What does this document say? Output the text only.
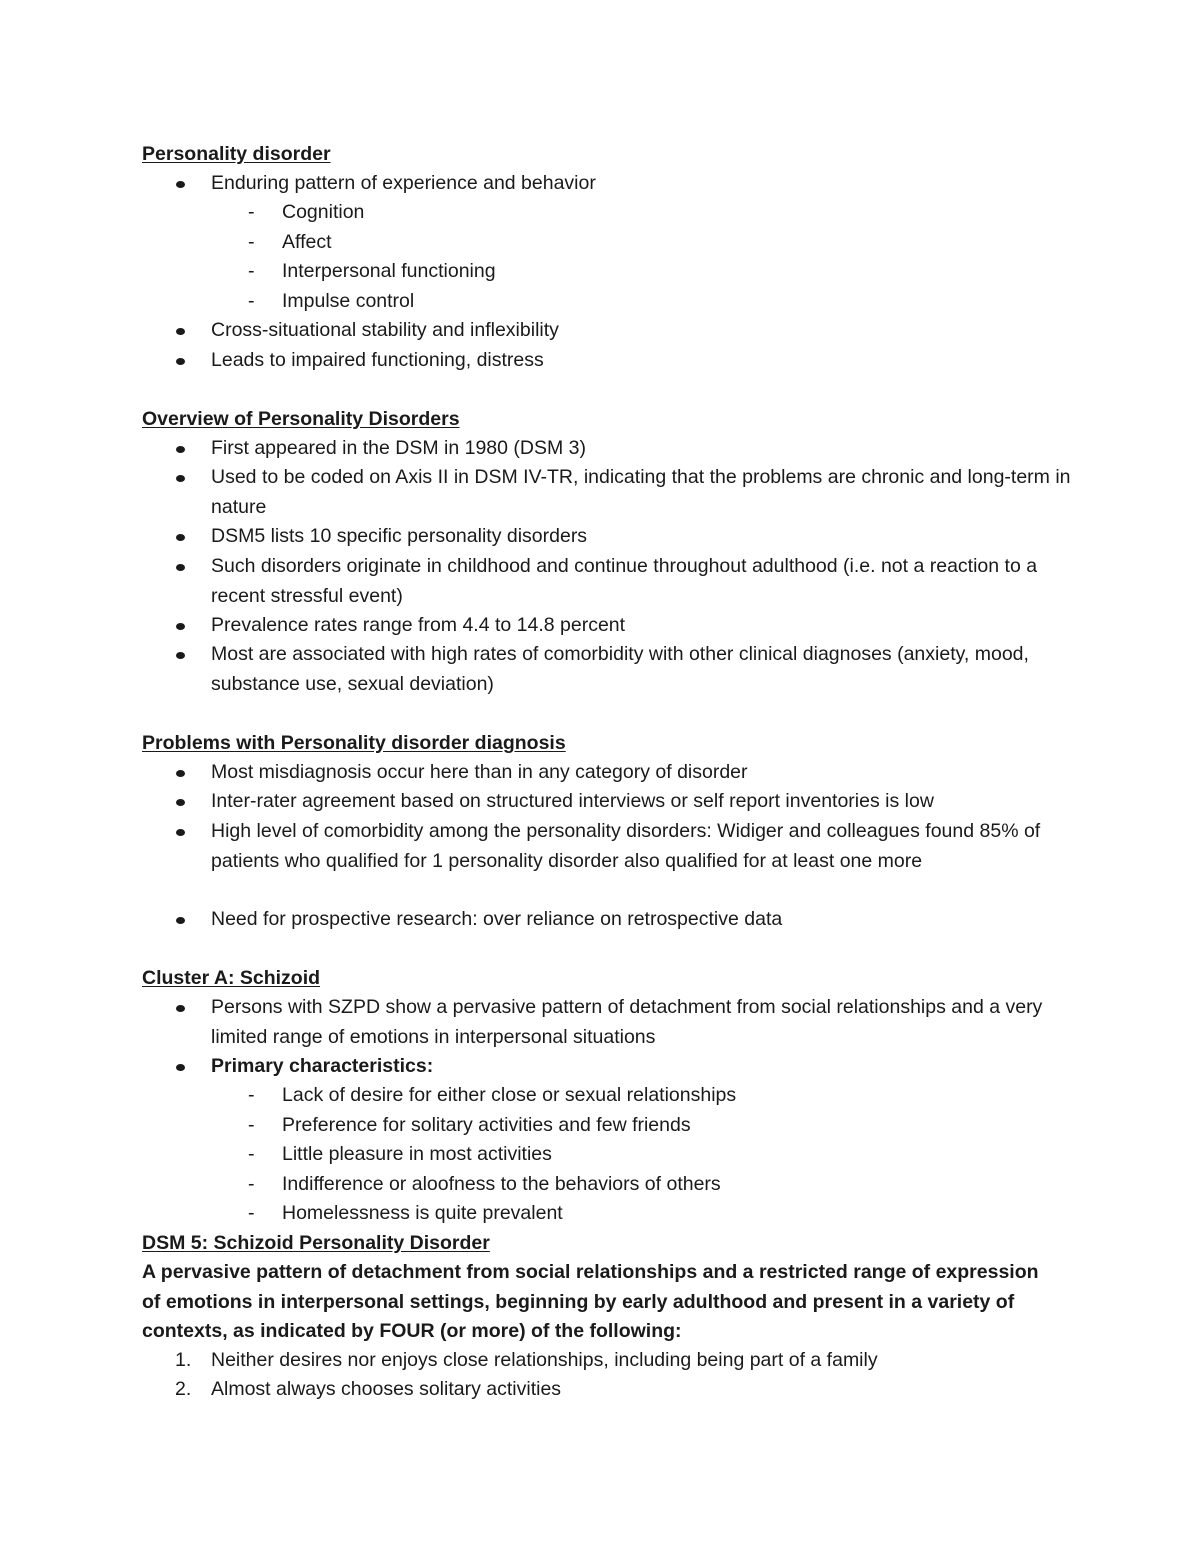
Personality disorder
Enduring pattern of experience and behavior
- Cognition
- Affect
- Interpersonal functioning
- Impulse control
Cross-situational stability and inflexibility
Leads to impaired functioning, distress
Overview of Personality Disorders
First appeared in the DSM in 1980 (DSM 3)
Used to be coded on Axis II in DSM IV-TR, indicating that the problems are chronic and long-term in nature
DSM5 lists 10 specific personality disorders
Such disorders originate in childhood and continue throughout adulthood (i.e. not a reaction to a recent stressful event)
Prevalence rates range from 4.4 to 14.8 percent
Most are associated with high rates of comorbidity with other clinical diagnoses (anxiety, mood, substance use, sexual deviation)
Problems with Personality disorder diagnosis
Most misdiagnosis occur here than in any category of disorder
Inter-rater agreement based on structured interviews or self report inventories is low
High level of comorbidity among the personality disorders: Widiger and colleagues found 85% of patients who qualified for 1 personality disorder also qualified for at least one more
Need for prospective research: over reliance on retrospective data
Cluster A: Schizoid
Persons with SZPD show a pervasive pattern of detachment from social relationships and a very limited range of emotions in interpersonal situations
Primary characteristics:
- Lack of desire for either close or sexual relationships
- Preference for solitary activities and few friends
- Little pleasure in most activities
- Indifference or aloofness to the behaviors of others
- Homelessness is quite prevalent
DSM 5: Schizoid Personality Disorder
A pervasive pattern of detachment from social relationships and a restricted range of expression of emotions in interpersonal settings, beginning by early adulthood and present in a variety of contexts, as indicated by FOUR (or more) of the following:
1. Neither desires nor enjoys close relationships, including being part of a family
2. Almost always chooses solitary activities
